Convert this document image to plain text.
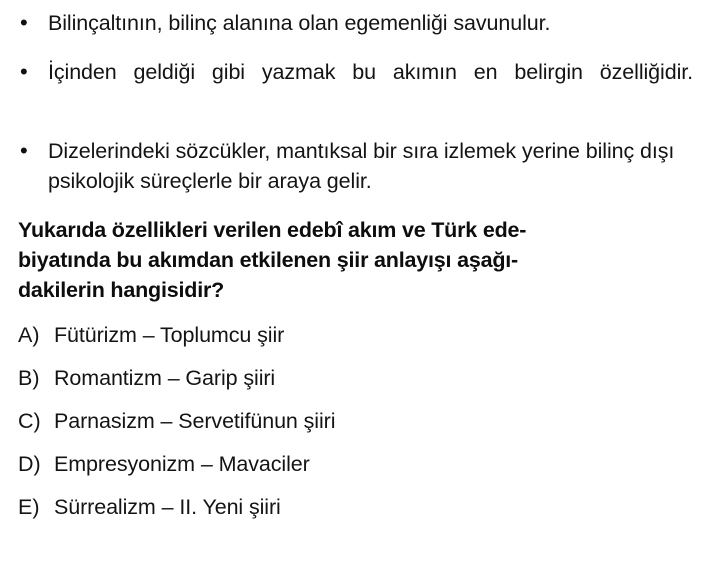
• Bilinçaltının, bilinç alanına olan egemenliği savunulur.
• İçinden geldiği gibi yazmak bu akımın en belirgin özelliğidir.
• Dizelerindeki sözcükler, mantıksal bir sıra izlemek yerine bilinç dışı psikolojik süreçlerle bir araya gelir.
Yukarıda özellikleri verilen edebî akım ve Türk ede-
biyatında bu akımdan etkilenen şiir anlayışı aşağı-
dakilerin hangisidir?
A) Fütürizm – Toplumcu şiir
B) Romantizm – Garip şiiri
C) Parnasizm – Servetifünun şiiri
D) Empresyonizm – Mavaciler
E) Sürrealizm – II. Yeni şiiri
